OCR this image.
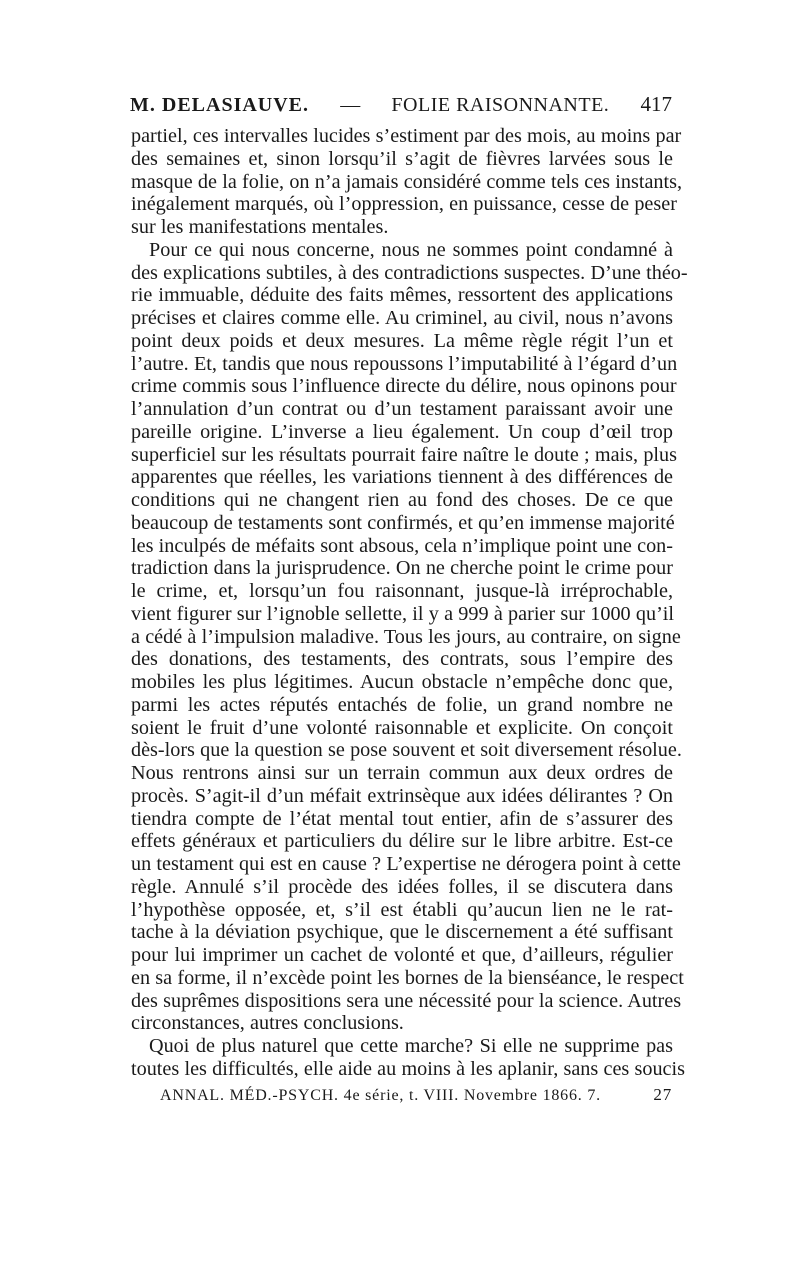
M. DELASIAUVE. — FOLIE RAISONNANTE. 417
partiel, ces intervalles lucides s’estiment par des mois, au moins par
des semaines et, sinon lorsqu’il s’agit de fièvres larvées sous le
masque de la folie, on n’a jamais considéré comme tels ces instants,
inégalement marqués, où l’oppression, en puissance, cesse de peser
sur les manifestations mentales.
Pour ce qui nous concerne, nous ne sommes point condamné à
des explications subtiles, à des contradictions suspectes. D’une théo-
rie immuable, déduite des faits mêmes, ressortent des applications
précises et claires comme elle. Au criminel, au civil, nous n’avons
point deux poids et deux mesures. La même règle régit l’un et
l’autre. Et, tandis que nous repoussons l’imputabilité à l’égard d’un
crime commis sous l’influence directe du délire, nous opinons pour
l’annulation d’un contrat ou d’un testament paraissant avoir une
pareille origine. L’inverse a lieu également. Un coup d’œil trop
superficiel sur les résultats pourrait faire naître le doute ; mais, plus
apparentes que réelles, les variations tiennent à des différences de
conditions qui ne changent rien au fond des choses. De ce que
beaucoup de testaments sont confirmés, et qu’en immense majorité
les inculpés de méfaits sont absous, cela n’implique point une con-
tradiction dans la jurisprudence. On ne cherche point le crime pour
le crime, et, lorsqu’un fou raisonnant, jusque-là irréprochable,
vient figurer sur l’ignoble sellette, il y a 999 à parier sur 1000 qu’il
a cédé à l’impulsion maladive. Tous les jours, au contraire, on signe
des donations, des testaments, des contrats, sous l’empire des
mobiles les plus légitimes. Aucun obstacle n’empêche donc que,
parmi les actes réputés entachés de folie, un grand nombre ne
soient le fruit d’une volonté raisonnable et explicite. On conçoit
dès-lors que la question se pose souvent et soit diversement résolue.
Nous rentrons ainsi sur un terrain commun aux deux ordres de
procès. S’agit-il d’un méfait extrinsèque aux idées délirantes ? On
tiendra compte de l’état mental tout entier, afin de s’assurer des
effets généraux et particuliers du délire sur le libre arbitre. Est-ce
un testament qui est en cause ? L’expertise ne dérogera point à cette
règle. Annulé s’il procède des idées folles, il se discutera dans
l’hypothèse opposée, et, s’il est établi qu’aucun lien ne le rat-
tache à la déviation psychique, que le discernement a été suffisant
pour lui imprimer un cachet de volonté et que, d’ailleurs, régulier
en sa forme, il n’excède point les bornes de la bienséance, le respect
des suprêmes dispositions sera une nécessité pour la science. Autres
circonstances, autres conclusions.
Quoi de plus naturel que cette marche? Si elle ne supprime pas
toutes les difficultés, elle aide au moins à les aplanir, sans ces soucis
ANNAL. MÉD.-PSYCH. 4e série, t. VIII. Novembre 1866. 7.	27
